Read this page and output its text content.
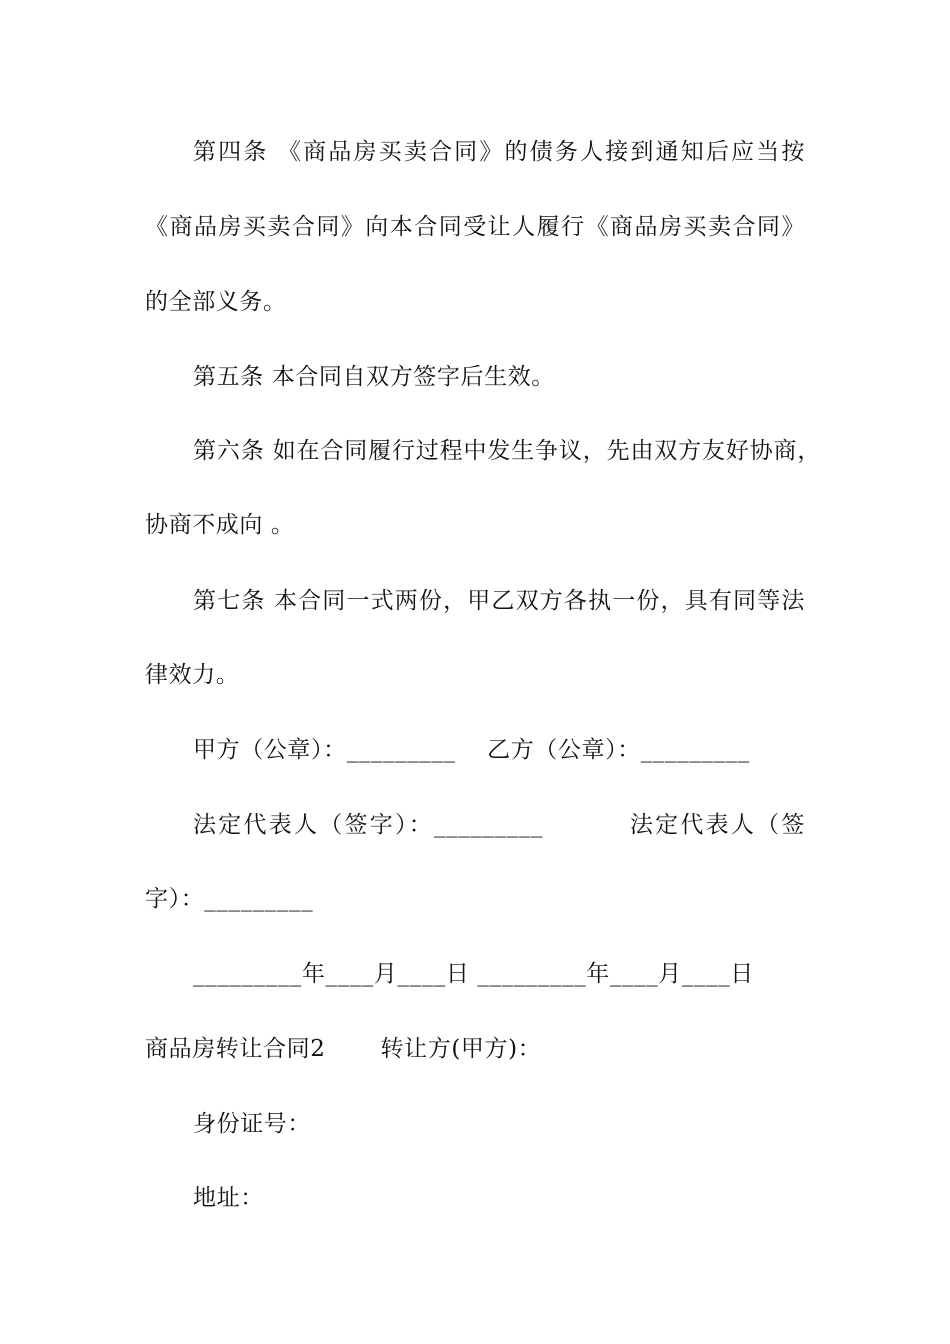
第四条 《商品房买卖合同》的债务人接到通知后应当按
《商品房买卖合同》向本合同受让人履行《商品房买卖合同》
的全部义务。
第五条 本合同自双方签字后生效。
第六条 如在合同履行过程中发生争议，先由双方友好协商，
协商不成向 。
第七条 本合同一式两份，甲乙双方各执一份，具有同等法
律效力。
甲方（公章）：_________　 乙方（公章）：_________
法定代表人（签字）：_________　　　 法定代表人（签
字）：_________
_________年____月____日 _________年____月____日
商品房转让合同2　　 转让方(甲方)：
身份证号：
地址：
